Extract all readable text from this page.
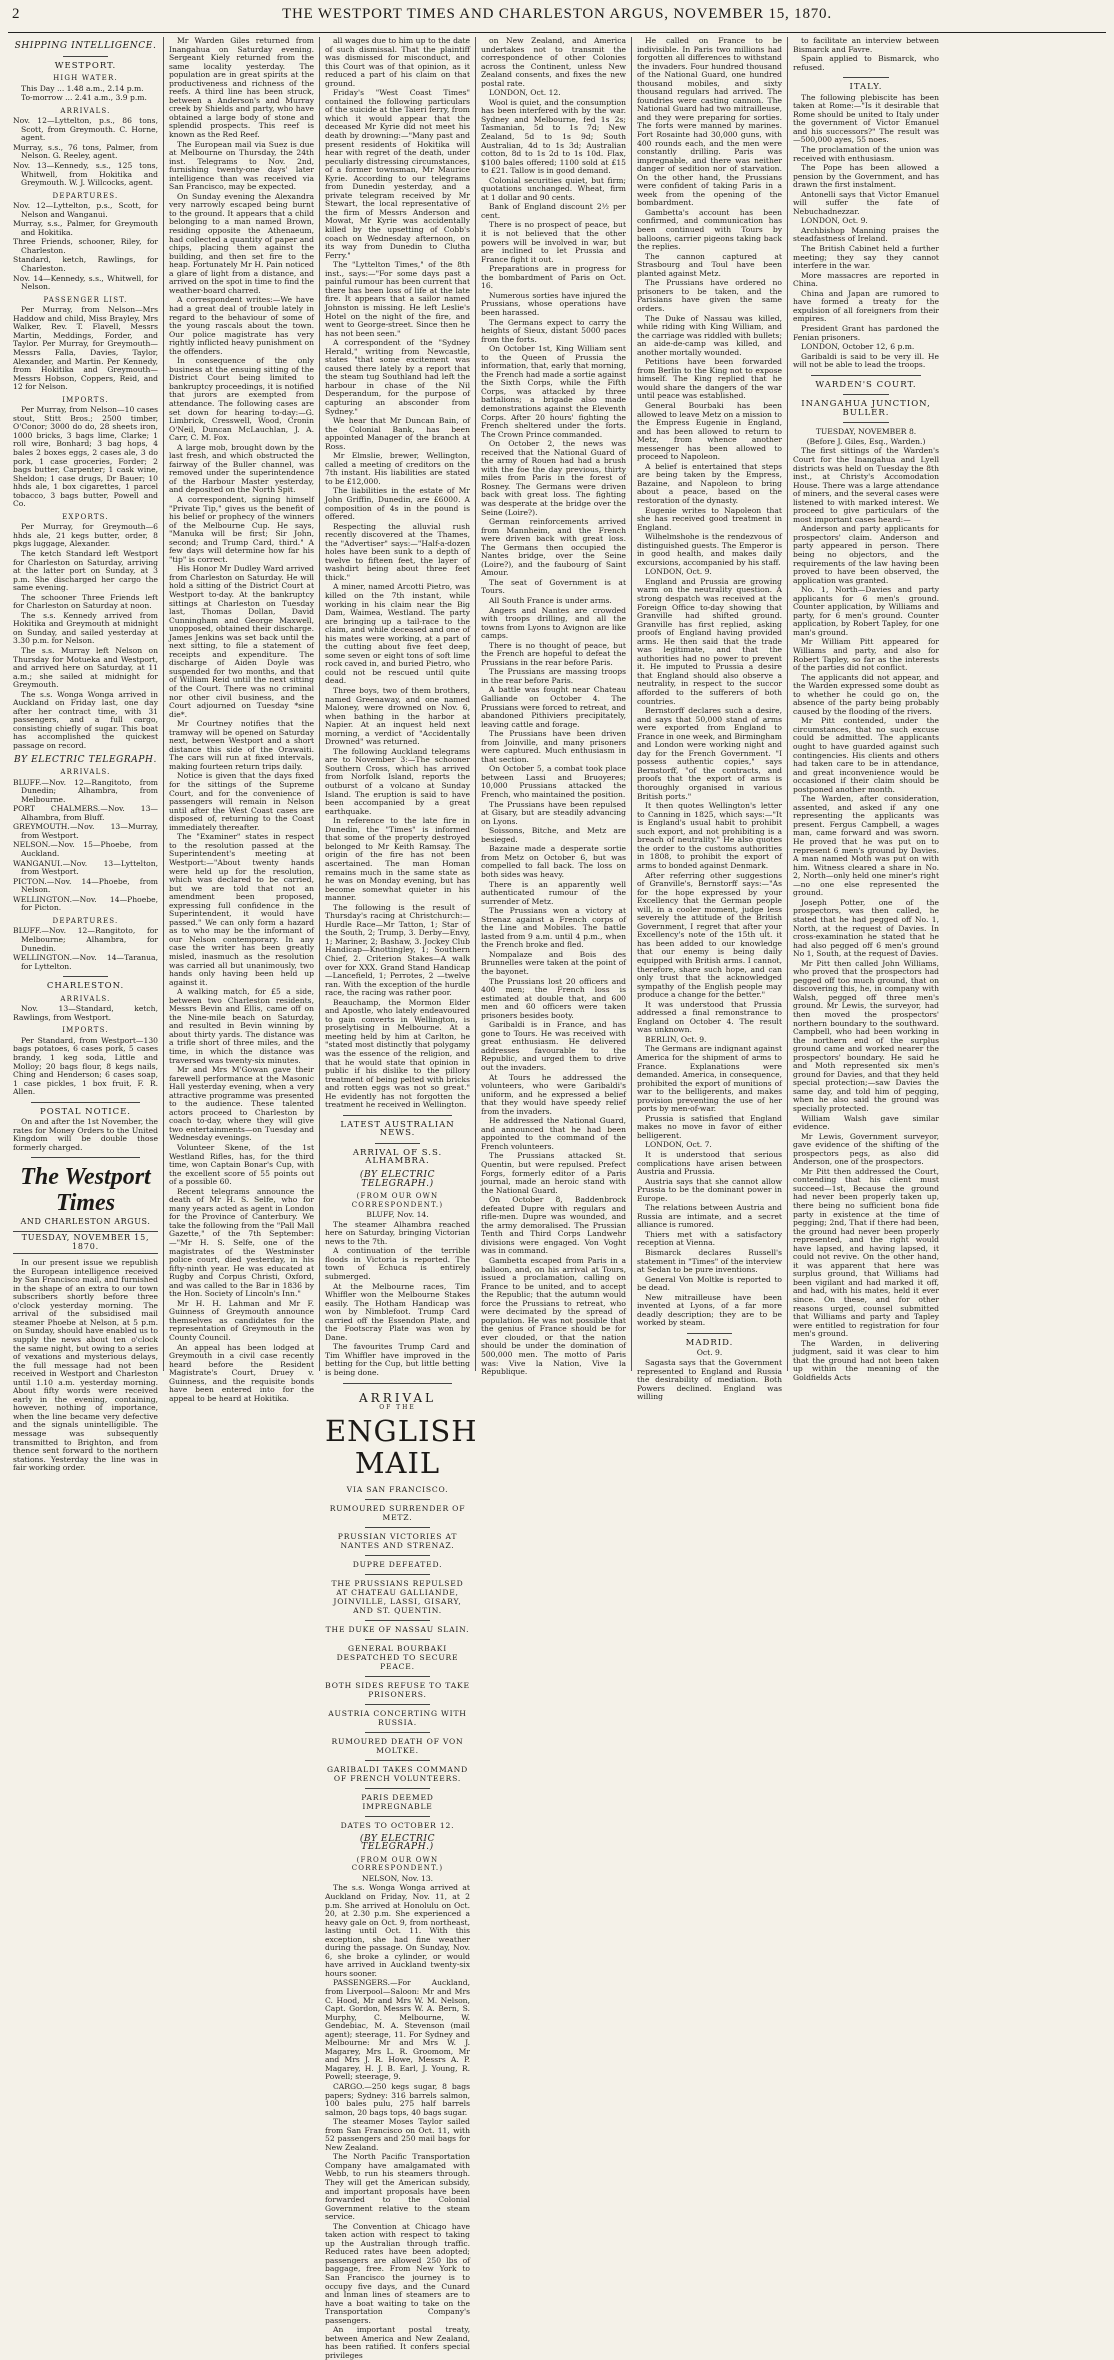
2	THE WESTPORT TIMES AND CHARLESTON ARGUS, NOVEMBER 15, 1870.
SHIPPING INTELLIGENCE.
WESTPORT.
HIGH WATER.

This Day ... 1.48 a.m., 2.14 p.m.

To-morrow ... 2.41 a.m., 3.9 p.m.

ARRIVALS.

Nov. 12—Lyttelton, p.s., 86 tons, Scott, from Greymouth. C. Horne, agent.

Murray, s.s., 76 tons, Palmer, from Nelson. G. Reeley, agent.

Nov. 13—Kennedy, s.s., 125 tons, Whitwell, from Hokitika and Greymouth. W. J. Willcocks, agent.

DEPARTURES.

Nov. 12—Lyttelton, p.s., Scott, for Nelson and Wanganui.

Murray, s.s., Palmer, for Greymouth and Hokitika.

Three Friends, schooner, Riley, for Charleston.

Standard, ketch, Rawlings, for Charleston.

Nov. 14—Kennedy, s.s., Whitwell, for Nelson.

PASSENGER LIST.

Per Murray, from Nelson—Mrs Haddow and child, Miss Brayley, Mrs Walker, Rev. T. Flavell, Messrs Martin, Meddings, Forder, and Taylor. Per Murray, for Greymouth—Messrs Falla, Davies, Taylor, Alexander, and Martin. Per Kennedy, from Hokitika and Greymouth—Messrs Hobson, Coppers, Reid, and 12 for Nelson.

IMPORTS.

Per Murray, from Nelson—10 cases stout, Stitt Bros.; 2500 timber, O'Conor; 3000 do do, 28 sheets iron, 1000 bricks, 3 bags lime, Clarke; 1 roll wire, Bonhard; 3 bag hops, 4 bales 2 boxes eggs, 2 cases ale, 3 do pork, 1 case groceries, Forder; 2 bags butter, Carpenter; 1 cask wine, Sheldon; 1 case drugs, Dr Bauer; 10 hhds ale, 1 box cigarettes, 1 parcel tobacco, 3 bags butter, Powell and Co.

EXPORTS.

Per Murray, for Greymouth—6 hhds ale, 21 kegs butter, order, 8 pkgs luggage, Alexander.

The ketch Standard left Westport for Charleston on Saturday, arriving at the latter port on Sunday, at 3 p.m. She discharged her cargo the same evening.

The schooner Three Friends left for Charleston on Saturday at noon.

The s.s. Kennedy arrived from Hokitika and Greymouth at midnight on Sunday, and sailed yesterday at 3.30 p.m. for Nelson.

The s.s. Murray left Nelson on Thursday for Motueka and Westport, and arrived here on Saturday, at 11 a.m.; she sailed at midnight for Greymouth.

The s.s. Wonga Wonga arrived in Auckland on Friday last, one day after her contract time, with 31 passengers, and a full cargo, consisting chiefly of sugar. This boat has accomplished the quickest passage on record.

BY ELECTRIC TELEGRAPH.
ARRIVALS.

BLUFF.—Nov. 12—Rangitoto, from Dunedin; Alhambra, from Melbourne.

PORT CHALMERS.—Nov. 13—Alhambra, from Bluff.

GREYMOUTH.—Nov. 13—Murray, from Westport.

NELSON.—Nov. 15—Phoebe, from Auckland.

WANGANUI.—Nov. 13—Lyttelton, from Westport.

PICTON.—Nov. 14—Phoebe, from Nelson.

WELLINGTON.—Nov. 14—Phoebe, for Picton.

DEPARTURES.

BLUFF.—Nov. 12—Rangitoto, for Melbourne; Alhambra, for Dunedin.

WELLINGTON.—Nov. 14—Taranua, for Lyttelton.

CHARLESTON.
ARRIVALS.

Nov. 13—Standard, ketch, Rawlings, from Westport.

IMPORTS.

Per Standard, from Westport—130 bags potatoes, 6 cases pork, 5 cases brandy, 1 keg soda, Little and Molloy; 20 bags flour, 8 kegs nails, Ching and Henderson; 6 cases soap, 1 case pickles, 1 box fruit, F. R. Allen.

POSTAL NOTICE.

On and after the 1st November, the rates for Money Orders to the United Kingdom will be double those formerly charged.

The Westport Times
AND CHARLESTON ARGUS.
TUESDAY, NOVEMBER 15, 1870.

In our present issue we republish the European intelligence received by San Francisco mail, and furnished in the shape of an extra to our town subscribers shortly before three o'clock yesterday morning. The arrival of the subsidised mail steamer Phoebe at Nelson, at 5 p.m. on Sunday, should have enabled us to supply the news about ten o'clock the same night, but owing to a series of vexations and mysterious delays, the full message had not been received in Westport and Charleston until 1.10 a.m. yesterday morning. About fifty words were received early in the evening, containing, however, nothing of importance, when the line became very defective and the signals unintelligible. The message was subsequently transmitted to Brighton, and from thence sent forward to the northern stations. Yesterday the line was in fair working order.

Mr Warden Giles returned from Inangahua on Saturday evening. Sergeant Kiely returned from the same locality yesterday. The population are in great spirits at the productiveness and richness of the reefs. A third line has been struck, between a Anderson's and Murray creek by Shields and party, who have obtained a large body of stone and splendid prospects. This reef is known as the Red Reef.

The European mail via Suez is due at Melbourne on Thursday, the 24th inst. Telegrams to Nov. 2nd, furnishing twenty-one days' later intelligence than was received via San Francisco, may be expected.

On Sunday evening the Alexandra very narrowly escaped being burnt to the ground. It appears that a child belonging to a man named Brown, residing opposite the Athenaeum, had collected a quantity of paper and chips, placing them against the building, and then set fire to the heap. Fortunately Mr H. Pain noticed a glare of light from a distance, and arrived on the spot in time to find the weather-board charred.

A correspondent writes:—We have had a great deal of trouble lately in regard to the behaviour of some of the young rascals about the town. Our police magistrate has very rightly inflicted heavy punishment on the offenders.

In consequence of the only business at the ensuing sitting of the District Court being limited to bankruptcy proceedings, it is notified that jurors are exempted from attendance. The following cases are set down for hearing to-day:—G. Limbrick, Cresswell, Wood, Cronin O'Neil, Duncan McLauchlan, J. A. Carr, C. M. Fox.

A large mob, brought down by the last fresh, and which obstructed the fairway of the Buller channel, was removed under the superintendence of the Harbour Master yesterday, and deposited on the North Spit.

A correspondent, signing himself "Private Tip," gives us the benefit of his belief or prophecy of the winners of the Melbourne Cup. He says, "Manuka will be first; Sir John, second; and Trump Card, third." A few days will determine how far his "tip" is correct.

His Honor Mr Dudley Ward arrived from Charleston on Saturday. He will hold a sitting of the District Court at Westport to-day. At the bankruptcy sittings at Charleston on Tuesday last, Thomas Dollan, David Cunningham and George Maxwell, unopposed, obtained their discharge. James Jenkins was set back until the next sitting, to file a statement of receipts and expenditure. The discharge of Aiden Doyle was suspended for two months, and that of William Reid until the next sitting of the Court. There was no criminal nor other civil business, and the Court adjourned on Tuesday *sine die*.

Mr Courtney notifies that the tramway will be opened on Saturday next, between Westport and a short distance this side of the Orawaiti. The cars will run at fixed intervals, making fourteen return trips daily.

Notice is given that the days fixed for the sittings of the Supreme Court, and for the convenience of passengers will remain in Nelson until after the West Coast cases are disposed of, returning to the Coast immediately thereafter.

The "Examiner" states in respect to the resolution passed at the Superintendent's meeting at Westport:—"About twenty hands were held up for the resolution, which was declared to be carried, but we are told that not an amendment been proposed, expressing full confidence in the Superintendent, it would have passed." We can only form a hazard as to who may be the informant of our Nelson contemporary. In any case the writer has been greatly misled, inasmuch as the resolution was carried all but unanimously, two hands only having been held up against it.

A walking match, for £5 a side, between two Charleston residents, Messrs Bevin and Ellis, came off on the Nine-mile beach on Saturday, and resulted in Bevin winning by about thirty yards. The distance was a trifle short of three miles, and the time, in which the distance was traversed was twenty-six minutes.

Mr and Mrs M'Gowan gave their farewell performance at the Masonic Hall yesterday evening, when a very attractive programme was presented to the audience. These talented actors proceed to Charleston by coach to-day, where they will give two entertainments—on Tuesday and Wednesday evenings.

Volunteer Skene, of the 1st Westland Rifles, has, for the third time, won Captain Bonar's Cup, with the excellent score of 55 points out of a possible 60.

Recent telegrams announce the death of Mr H. S. Selfe, who for many years acted as agent in London for the Province of Canterbury. We take the following from the "Pall Mall Gazette," of the 7th September:—"Mr H. S. Selfe, one of the magistrates of the Westminster police court, died yesterday, in his fifty-ninth year. He was educated at Rugby and Corpus Christi, Oxford, and was called to the Bar in 1836 by the Hon. Society of Lincoln's Inn."

Mr H. H. Lahman and Mr F. Guinness of Greymouth announce themselves as candidates for the representation of Greymouth in the County Council.

An appeal has been lodged at Greymouth in a civil case recently heard before the Resident Magistrate's Court, Druey v. Guinness, and the requisite bonds have been entered into for the appeal to be heard at Hokitika.

all wages due to him up to the date of such dismissal. That the plaintiff was dismissed for misconduct, and this Court was of that opinion, as it reduced a part of his claim on that ground.

Friday's "West Coast Times" contained the following particulars of the suicide at the Taieri ferry, from which it would appear that the deceased Mr Kyrie did not meet his death by drowning:—"Many past and present residents of Hokitika will hear with regret of the death, under peculiarly distressing circumstances, of a former townsman, Mr Maurice Kyrie. According to our telegrams from Dunedin yesterday, and a private telegram received by Mr Stewart, the local representative of the firm of Messrs Anderson and Mowat, Mr Kyrie was accidentally killed by the upsetting of Cobb's coach on Wednesday afternoon, on its way from Dunedin to Clutha Ferry."

The "Lyttelton Times," of the 8th inst., says:—"For some days past a painful rumour has been current that there has been loss of life at the late fire. It appears that a sailor named Johnston is missing. He left Leslie's Hotel on the night of the fire, and went to George-street. Since then he has not been seen."

A correspondent of the "Sydney Herald," writing from Newcastle, states "that some excitement was caused there lately by a report that the steam tug Southland had left the harbour in chase of the Nil Desperandum, for the purpose of capturing an absconder from Sydney."

We hear that Mr Duncan Bain, of the Colonial Bank, has been appointed Manager of the branch at Ross.

Mr Elmslie, brewer, Wellington, called a meeting of creditors on the 7th instant. His liabilities are stated to be £12,000.

The liabilities in the estate of Mr John Griffin, Dunedin, are £6000. A composition of 4s in the pound is offered.

Respecting the alluvial rush recently discovered at the Thames, the "Advertiser" says:—"Half-a-dozen holes have been sunk to a depth of twelve to fifteen feet, the layer of washdirt being about three feet thick."

A miner, named Arcotti Pietro, was killed on the 7th instant, while working in his claim near the Big Dam, Waimea, Westland. The party are bringing up a tail-race to the claim, and while deceased and one of his mates were working, at a part of the cutting about five feet deep, some seven or eight tons of soft lime rock caved in, and buried Pietro, who could not be rescued until quite dead.

Three boys, two of them brothers, named Greenaway, and one named Maloney, were drowned on Nov. 6, when bathing in the harbor at Napier. At an inquest held next morning, a verdict of "Accidentally Drowned" was returned.

The following Auckland telegrams are to November 3:—The schooner Southern Cross, which has arrived from Norfolk Island, reports the outburst of a volcano at Sunday Island. The eruption is said to have been accompanied by a great earthquake.

In reference to the late fire in Dunedin, the "Times" is informed that some of the property destroyed belonged to Mr Keith Ramsay. The origin of the fire has not been ascertained. The man Homan remains much in the same state as he was on Monday evening, but has become somewhat quieter in his manner.

The following is the result of Thursday's racing at Christchurch:—Hurdle Race—Mr Tatton, 1; Star of the South, 2; Trump, 3. Derby—Envy, 1; Mariner, 2; Bashaw, 3. Jockey Club Handicap—Knottingley, 1; Southern Chief, 2. Criterion Stakes—A walk over for XXX. Grand Stand Handicap—Lancefield, 1; Perrotes, 2 —twelve ran. With the exception of the hurdle race, the racing was rather poor.

Beauchamp, the Mormon Elder and Apostle, who lately endeavoured to gain converts in Wellington, is proselytising in Melbourne. At a meeting held by him at Carlton, he "stated most distinctly that polygamy was the essence of the religion, and that he would state that opinion in public if his dislike to the pillory treatment of being pelted with bricks and rotten eggs was not so great." He evidently has not forgotten the treatment he received in Wellington.

LATEST AUSTRALIAN NEWS.
ARRIVAL OF S.S. ALHAMBRA.
(BY ELECTRIC TELEGRAPH.)
(FROM OUR OWN CORRESPONDENT.)

BLUFF, Nov. 14.

The steamer Alhambra reached here on Saturday, bringing Victorian news to the 7th.

A continuation of the terrible floods in Victoria is reported. The town of Echuca is entirely submerged.

At the Melbourne races, Tim Whiffler won the Melbourne Stakes easily. The Hotham Handicap was won by Nimblefoot. Trump Card carried off the Essendon Plate, and the Footscray Plate was won by Dane.

The favourites Trump Card and Tim Whiffler have improved in the betting for the Cup, but little betting is being done.

ARRIVAL
OF THE
ENGLISH MAIL
VIA SAN FRANCISCO.
RUMOURED SURRENDER OF METZ.
PRUSSIAN VICTORIES AT NANTES AND STRENAZ.
DUPRE DEFEATED.
THE PRUSSIANS REPULSED AT CHATEAU GALLIANDE, JOINVILLE, LASSI, GISARY, AND ST. QUENTIN.
THE DUKE OF NASSAU SLAIN.
GENERAL BOURBAKI DESPATCHED TO SECURE PEACE.
BOTH SIDES REFUSE TO TAKE PRISONERS.
AUSTRIA CONCERTING WITH RUSSIA.
RUMOURED DEATH OF VON MOLTKE.
GARIBALDI TAKES COMMAND OF FRENCH VOLUNTEERS.
PARIS DEEMED IMPREGNABLE
DATES TO OCTOBER 12.
(BY ELECTRIC TELEGRAPH.)
(FROM OUR OWN CORRESPONDENT.)

NELSON, Nov. 13.

The s.s. Wonga Wonga arrived at Auckland on Friday, Nov. 11, at 2 p.m. She arrived at Honolulu on Oct. 20, at 2.30 p.m. She experienced a heavy gale on Oct. 9, from northeast, lasting until Oct. 11. With this exception, she had fine weather during the passage. On Sunday, Nov. 6, she broke a cylinder, or would have arrived in Auckland twenty-six hours sooner.

PASSENGERS.—For Auckland, from Liverpool—Saloon: Mr and Mrs C. Hood, Mr and Mrs W. M. Nelson, Capt. Gordon, Messrs W. A. Bern, S. Murphy, C. Melbourne, W. Gendebiac, M. A. Stevenson (mail agent); steerage, 11. For Sydney and Melbourne: Mr and Mrs W. J. Magarey, Mrs L. R. Groomom, Mr and Mrs J. R. Howe, Messrs A. P. Magarey, H. J. B. Earl, J. Young, R. Powell; steerage, 9.

CARGO.—250 kegs sugar, 8 bags papers; Sydney: 316 barrels salmon, 100 bales pulu, 275 half barrels salmon, 20 bags tops, 40 bags sugar.

The steamer Moses Taylor sailed from San Francisco on Oct. 11, with 52 passengers and 250 mail bags for New Zealand.

The North Pacific Transportation Company have amalgamated with Webb, to run his steamers through. They will get the American subsidy, and important proposals have been forwarded to the Colonial Government relative to the steam service.

The Convention at Chicago have taken action with respect to taking up the Australian through traffic. Reduced rates have been adopted; passengers are allowed 250 lbs of baggage, free. From New York to San Francisco the journey is to occupy five days, and the Cunard and Inman lines of steamers are to have a boat waiting to take on the Transportation Company's passengers.

An important postal treaty, between America and New Zealand, has been ratified. It confers special privileges

on New Zealand, and America undertakes not to transmit the correspondence of other Colonies across the Continent, unless New Zealand consents, and fixes the new postal rate.

LONDON, Oct. 12.

Wool is quiet, and the consumption has been interfered with by the war. Sydney and Melbourne, fed 1s 2s; Tasmanian, 5d to 1s 7d; New Zealand, 5d to 1s 9d; South Australian, 4d to 1s 3d; Australian cotton, 8d to 1s 2d to 1s 10d. Flax, $100 bales offered; 1100 sold at £15 to £21. Tallow is in good demand.

Colonial securities quiet, but firm; quotations unchanged. Wheat, firm at 1 dollar and 90 cents.

Bank of England discount 2½ per cent.

There is no prospect of peace, but it is not believed that the other powers will be involved in war, but are inclined to let Prussia and France fight it out.

Preparations are in progress for the bombardment of Paris on Oct. 16.

Numerous sorties have injured the Prussians, whose operations have been harassed.

The Germans expect to carry the heights of Sieux, distant 5000 paces from the forts.

On October 1st, King William sent to the Queen of Prussia the information, that, early that morning, the French had made a sortie against the Sixth Corps, while the Fifth Corps, was attacked by three battalions; a brigade also made demonstrations against the Eleventh Corps. After 20 hours' fighting the French sheltered under the forts. The Crown Prince commanded.

On October 2, the news was received that the National Guard of the army of Rouen had had a brush with the foe the day previous, thirty miles from Paris in the forest of Rosney. The Germans were driven back with great loss. The fighting was desperate at the bridge over the Seine (Loire?).

German reinforcements arrived from Mannheim, and the French were driven back with great loss. The Germans then occupied the Nantes bridge, over the Seine (Loire?), and the faubourg of Saint Amour.

The seat of Government is at Tours.

All South France is under arms.

Angers and Nantes are crowded with troops drilling, and all the towns from Lyons to Avignon are like camps.

There is no thought of peace, but the French are hopeful to defeat the Prussians in the rear before Paris.

The Prussians are massing troops in the rear before Paris.

A battle was fought near Chateau Galliande on October 4. The Prussians were forced to retreat, and abandoned Pithiviers precipitately, leaving cattle and forage.

The Prussians have been driven from Joinville, and many prisoners were captured. Much enthusiasm in that section.

On October 5, a combat took place between Lassi and Bruoyeres; 10,000 Prussians attacked the French, who maintained the position.

The Prussians have been repulsed at Gisary, but are steadily advancing on Lyons.

Soissons, Bitche, and Metz are besieged.

Bazaine made a desperate sortie from Metz on October 6, but was compelled to fall back. The loss on both sides was heavy.

There is an apparently well authenticated rumour of the surrender of Metz.

The Prussians won a victory at Strenaz against a French corps of the Line and Mobiles. The battle lasted from 9 a.m. until 4 p.m., when the French broke and fled.

Nompalaze and Bois des Brunnelles were taken at the point of the bayonet.

The Prussians lost 20 officers and 400 men; the French loss is estimated at double that, and 600 men and 60 officers were taken prisoners besides booty.

Garibaldi is in France, and has gone to Tours. He was received with great enthusiasm. He delivered addresses favourable to the Republic, and urged them to drive out the invaders.

At Tours he addressed the volunteers, who were Garibaldi's uniform, and he expressed a belief that they would have speedy relief from the invaders.

He addressed the National Guard, and announced that he had been appointed to the command of the French volunteers.

The Prussians attacked St. Quentin, but were repulsed. Prefect Forgs, formerly editor of a Paris journal, made an heroic stand with the National Guard.

On October 8, Baddenbrock defeated Dupre with regulars and rifle-men. Dupre was wounded, and the army demoralised. The Prussian Tenth and Third Corps Landwehr divisions were engaged. Von Voght was in command.

Gambetta escaped from Paris in a balloon, and, on his arrival at Tours, issued a proclamation, calling on France to be united, and to accept the Republic; that the autumn would force the Prussians to retreat, who were decimated by the spread of population. He was not possible that the genius of France should be for ever clouded, or that the nation should be under the domination of 500,000 men. The motto of Paris was: Vive la Nation, Vive la République.

He called on France to be indivisible. In Paris two millions had forgotten all differences to withstand the invaders. Four hundred thousand of the National Guard, one hundred thousand mobiles, and sixty thousand regulars had arrived. The foundries were casting cannon. The National Guard had two mitrailleuse, and they were preparing for sorties. The forts were manned by marines. Fort Rosainte had 30,000 guns, with 400 rounds each, and the men were constantly drilling. Paris was impregnable, and there was neither danger of sedition nor of starvation. On the other hand, the Prussians were confident of taking Paris in a week from the opening of the bombardment.

Gambetta's account has been confirmed, and communication has been continued with Tours by balloons, carrier pigeons taking back the replies.

The cannon captured at Strasbourg and Toul have been planted against Metz.

The Prussians have ordered no prisoners to be taken, and the Parisians have given the same orders.

The Duke of Nassau was killed, while riding with King William, and the carriage was riddled with bullets; an aide-de-camp was killed, and another mortally wounded.

Petitions have been forwarded from Berlin to the King not to expose himself. The King replied that he would share the dangers of the war until peace was established.

General Bourbaki has been allowed to leave Metz on a mission to the Empress Eugenie in England, and has been allowed to return to Metz, from whence another messenger has been allowed to proceed to Napoleon.

A belief is entertained that steps are being taken by the Empress, Bazaine, and Napoleon to bring about a peace, based on the restoration of the dynasty.

Eugenie writes to Napoleon that she has received good treatment in England.

Wilhelmshohe is the rendezvous of distinguished guests. The Emperor is in good health, and makes daily excursions, accompanied by his staff.

LONDON, Oct. 9.

England and Prussia are growing warm on the neutrality question. A strong despatch was received at the Foreign Office to-day showing that Granville had shifted ground. Granville has first replied, asking proofs of England having provided arms. He then said that the trade was legitimate, and that the authorities had no power to prevent it. He imputed to Prussia a desire that England should also observe a neutrality, in respect to the succor afforded to the sufferers of both countries.

Bernstorff declares such a desire, and says that 50,000 stand of arms were exported from England to France in one week, and Birmingham and London were working night and day for the French Government. "I possess authentic copies," says Bernstorff, "of the contracts, and proofs that the export of arms is thoroughly organised in various British ports."

It then quotes Wellington's letter to Canning in 1825, which says:—"It is England's usual habit to prohibit such export, and not prohibiting is a breach of neutrality." He also quotes the order to the customs authorities in 1808, to prohibit the export of arms to bonded against Denmark.

After referring other suggestions of Granville's, Bernstorff says:—"As for the hope expressed by your Excellency that the German people will, in a cooler moment, judge less severely the attitude of the British Government, I regret that after your Excellency's note of the 15th ult. it has been added to our knowledge that our enemy is being daily equipped with British arms. I cannot, therefore, share such hope, and can only trust that the acknowledged sympathy of the English people may produce a change for the better."

It was understood that Prussia addressed a final remonstrance to England on October 4. The result was unknown.

BERLIN, Oct. 9.

The Germans are indignant against America for the shipment of arms to France. Explanations were demanded. America, in consequence, prohibited the export of munitions of war to the belligerents, and makes provision preventing the use of her ports by men-of-war.

Prussia is satisfied that England makes no move in favor of either belligerent.

LONDON, Oct. 7.

It is understood that serious complications have arisen between Austria and Prussia.

Austria says that she cannot allow Prussia to be the dominant power in Europe.

The relations between Austria and Russia are intimate, and a secret alliance is rumored.

Thiers met with a satisfactory reception at Vienna.

Bismarck declares Russell's statement in "Times" of the interview at Sedan to be pure inventions.

General Von Moltke is reported to be dead.

New mitrailleuse have been invented at Lyons, of a far more deadly description; they are to be worked by steam.

MADRID.

Oct. 9.

Sagasta says that the Government represented to England and Russia the desirability of mediation. Both Powers declined. England was willing

to facilitate an interview between Bismarck and Favre.

Spain applied to Bismarck, who refused.

ITALY.

The following plebiscite has been taken at Rome:—"Is it desirable that Rome should be united to Italy under the government of Victor Emanuel and his successors?" The result was—500,000 ayes, 55 noes.

The proclamation of the union was received with enthusiasm.

The Pope has been allowed a pension by the Government, and has drawn the first instalment.

Antonelli says that Victor Emanuel will suffer the fate of Nebuchadnezzar.

LONDON, Oct. 9.

Archbishop Manning praises the steadfastness of Ireland.

The British Cabinet held a further meeting; they say they cannot interfere in the war.

More massacres are reported in China.

China and Japan are rumored to have formed a treaty for the expulsion of all foreigners from their empires.

President Grant has pardoned the Fenian prisoners.

LONDON, October 12, 6 p.m.

Garibaldi is said to be very ill. He will not be able to lead the troops.

WARDEN'S COURT.
INANGAHUA JUNCTION, BULLER.

TUESDAY, NOVEMBER 8.

(Before J. Giles, Esq., Warden.)

The first sittings of the Warden's Court for the Inangahua and Lyell districts was held on Tuesday the 8th inst., at Christy's Accomodation House. There was a large attendance of miners, and the several cases were listened to with marked interest. We proceed to give particulars of the most important cases heard:—

Anderson and party applicants for prospectors' claim. Anderson and party appeared in person. There being no objectors, and the requirements of the law having been proved to have been observed, the application was granted.

No. 1, North—Davies and party applicants for 6 men's ground. Counter application, by Williams and party, for 6 men's ground. Counter application, by Robert Tapley, for one man's ground.

Mr William Pitt appeared for Williams and party, and also for Robert Tapley, so far as the interests of the parties did not conflict.

The applicants did not appear, and the Warden expressed some doubt as to whether he could go on, the absence of the party being probably caused by the flooding of the rivers.

Mr Pitt contended, under the circumstances, that no such excuse could be admitted. The applicants ought to have guarded against such contingencies. His clients and others had taken care to be in attendance, and great inconvenience would be occasioned if their claim should be postponed another month.

The Warden, after consideration, assented, and asked if any one representing the applicants was present. Fergus Campbell, a wages man, came forward and was sworn. He proved that he was put on to represent 6 men's ground by Davies. A man named Moth was put on with him. Witness cleared a share in No. 2, North—only held one miner's right —no one else represented the ground.

Joseph Potter, one of the prospectors, was then called, he stated that he had pegged off No. 1, North, at the request of Davies. In cross-examination he stated that he had also pegged off 6 men's ground No 1, South, at the request of Davies.

Mr Pitt then called John Williams, who proved that the prospectors had pegged off too much ground, that on discovering this, he, in company with Walsh, pegged off three men's ground. Mr Lewis, the surveyor, had then moved the prospectors' northern boundary to the southward. Campbell, who had been working in the northern end of the surplus ground came and worked nearer the prospectors' boundary. He said he and Moth represented six men's ground for Davies, and that they held special protection;—saw Davies the same day, and told him of pegging, when he also said the ground was specially protected.

William Walsh gave similar evidence.

Mr Lewis, Government surveyor, gave evidence of the shifting of the prospectors pegs, as also did Anderson, one of the prospectors.

Mr Pitt then addressed the Court, contending that his client must succeed—1st, Because the ground had never been properly taken up, there being no sufficient bona fide party in existence at the time of pegging; 2nd, That if there had been, the ground had never been properly represented, and the right would have lapsed, and having lapsed, it could not revive. On the other hand, it was apparent that here was surplus ground, that Williams had been vigilant and had marked it off, and had, with his mates, held it ever since. On these, and for other reasons urged, counsel submitted that Williams and party and Tapley were entitled to registration for four men's ground.

The Warden, in delivering judgment, said it was clear to him that the ground had not been taken up within the meaning of the Goldfields Acts
